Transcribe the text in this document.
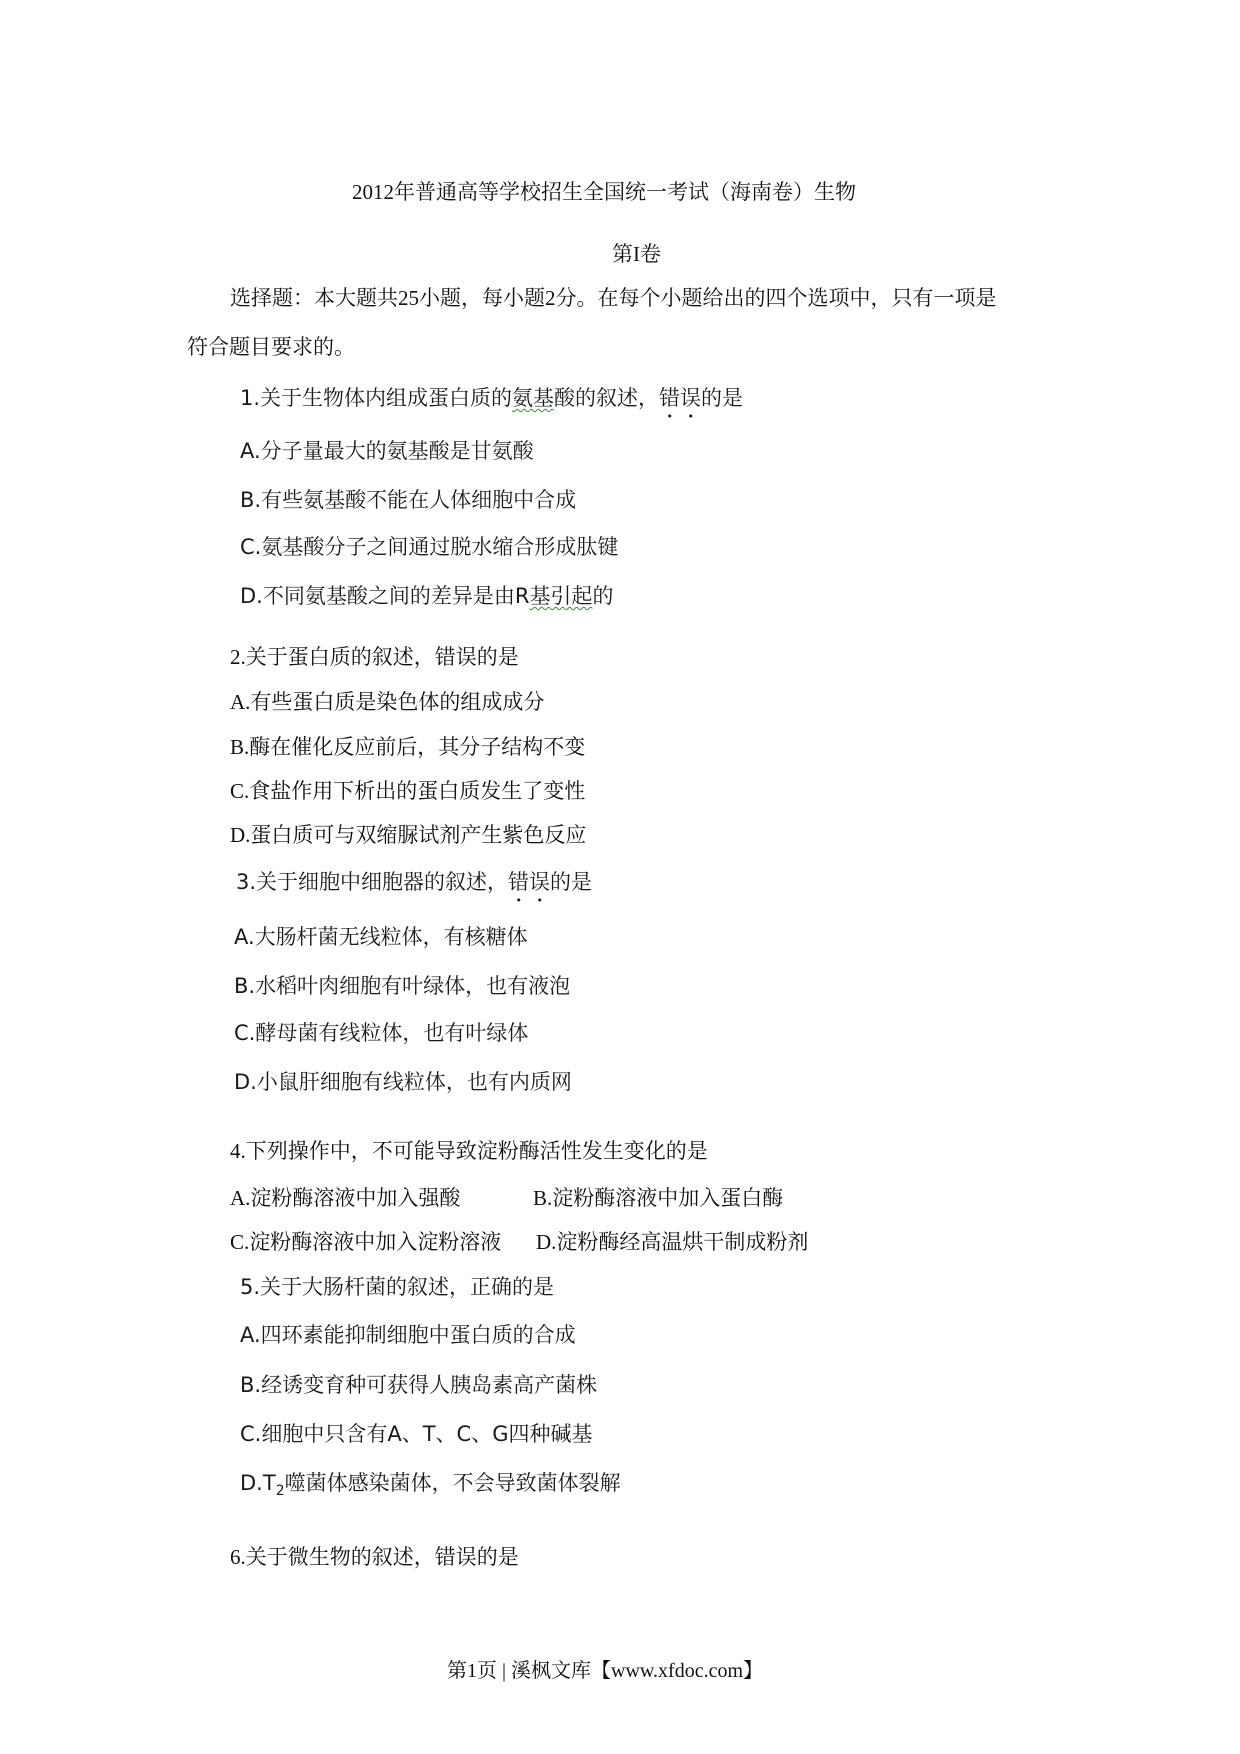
2012年普通高等学校招生全国统一考试（海南卷）生物
第I卷
选择题：本大题共25小题，每小题2分。在每个小题给出的四个选项中，只有一项是
符合题目要求的。
1.关于生物体内组成蛋白质的氨基酸的叙述，错误的是
A.分子量最大的氨基酸是甘氨酸
B.有些氨基酸不能在人体细胞中合成
C.氨基酸分子之间通过脱水缩合形成肽键
D.不同氨基酸之间的差异是由R基引起的
2.关于蛋白质的叙述，错误的是
A.有些蛋白质是染色体的组成成分
B.酶在催化反应前后，其分子结构不变
C.食盐作用下析出的蛋白质发生了变性
D.蛋白质可与双缩脲试剂产生紫色反应
3.关于细胞中细胞器的叙述，错误的是
A.大肠杆菌无线粒体，有核糖体
B.水稻叶肉细胞有叶绿体，也有液泡
C.酵母菌有线粒体，也有叶绿体
D.小鼠肝细胞有线粒体，也有内质网
4.下列操作中，不可能导致淀粉酶活性发生变化的是
A.淀粉酶溶液中加入强酸	B.淀粉酶溶液中加入蛋白酶
C.淀粉酶溶液中加入淀粉溶液 D.淀粉酶经高温烘干制成粉剂
5.关于大肠杆菌的叙述，正确的是
A.四环素能抑制细胞中蛋白质的合成
B.经诱变育种可获得人胰岛素高产菌株
C.细胞中只含有A、T、C、G四种碱基
$D.T_2$噬菌体感染菌体，不会导致菌体裂解
6.关于微生物的叙述，错误的是
第1页 | 溪枫文库【www.xfdoc.com】
